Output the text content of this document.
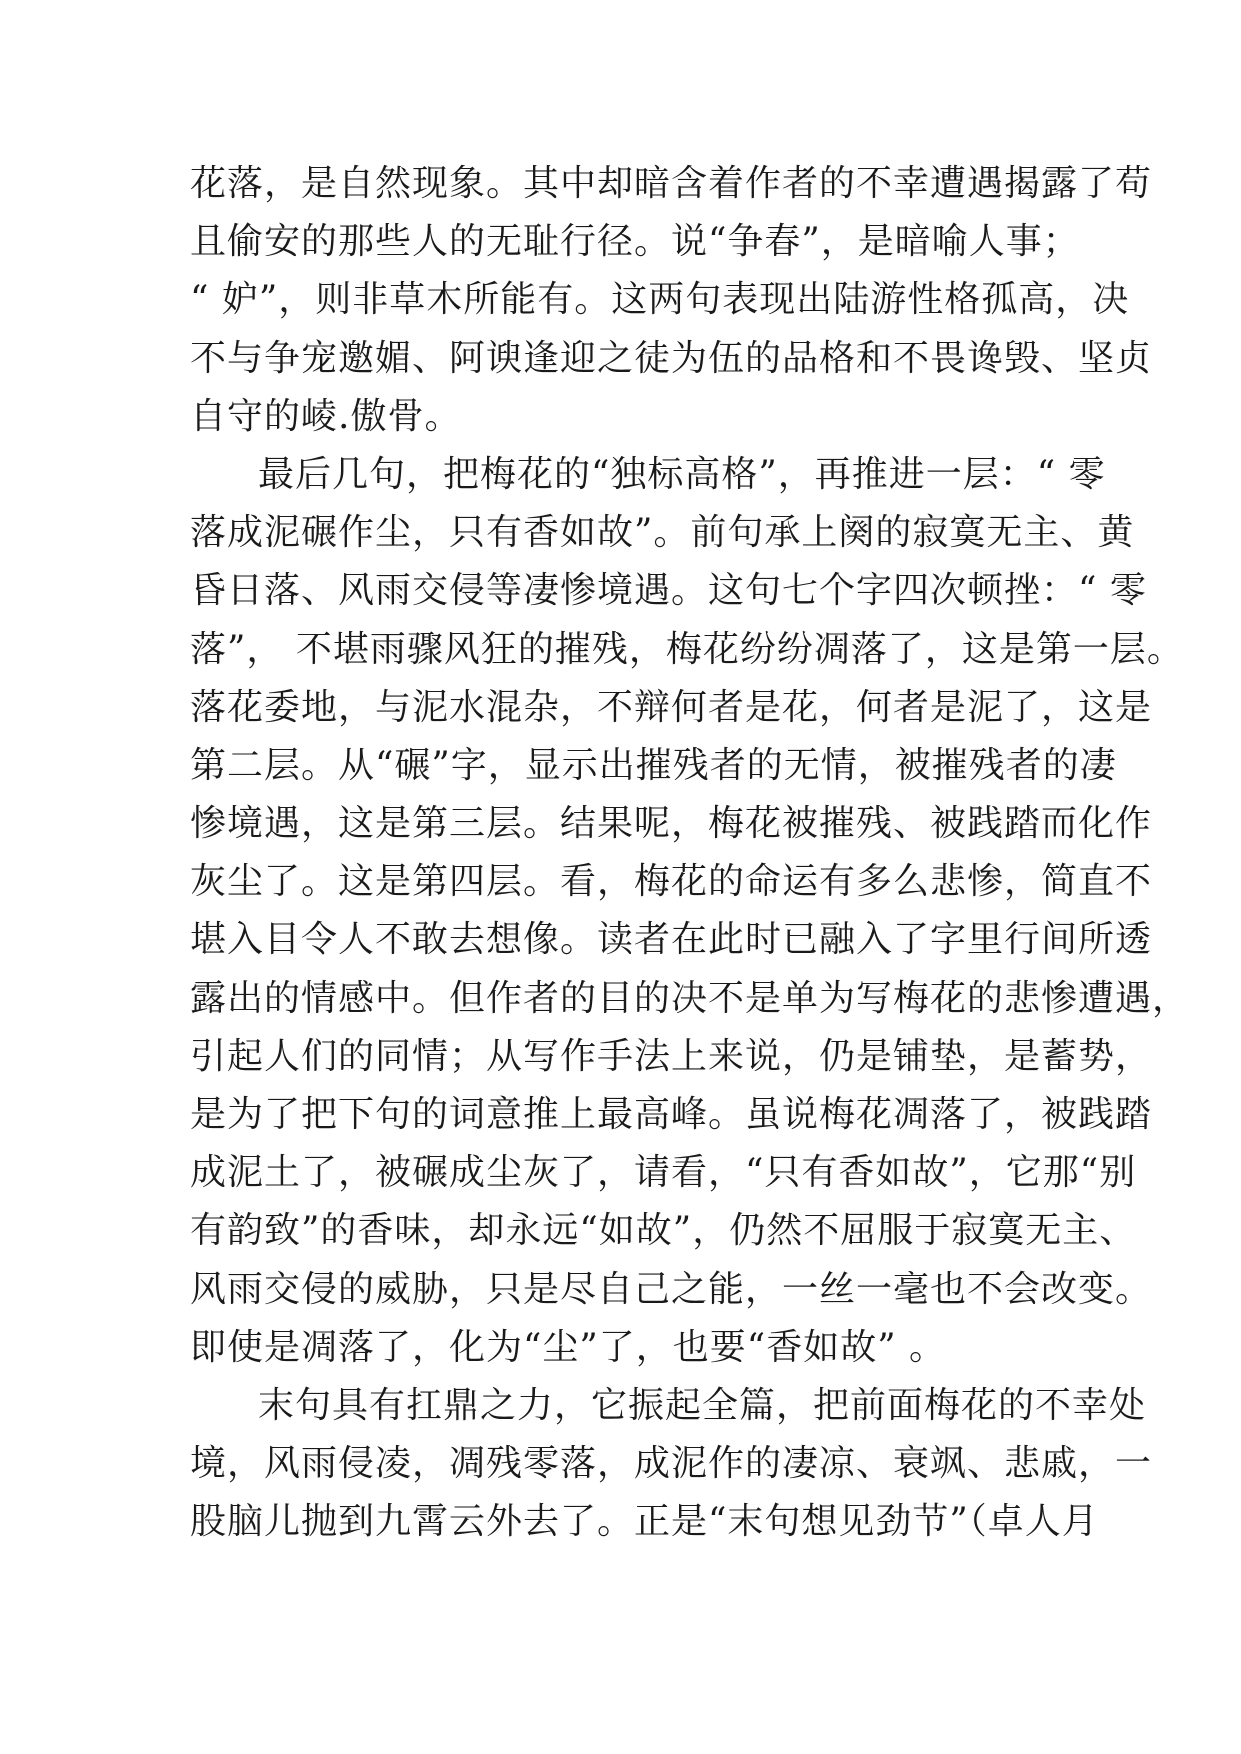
花落，是自然现象。其中却暗含着作者的不幸遭遇揭露了苟
且偷安的那些人的无耻行径。说“争春”，是暗喻人事；
“ 妒”，则非草木所能有。这两句表现出陆游性格孤高，决
不与争宠邀媚、阿谀逢迎之徒为伍的品格和不畏谗毁、坚贞
自守的崚.傲骨。
最后几句，把梅花的“独标高格”，再推进一层：“ 零
落成泥碾作尘，只有香如故”。前句承上阕的寂寞无主、黄
昏日落、风雨交侵等凄惨境遇。这句七个字四次顿挫：“ 零
落”， 不堪雨骤风狂的摧残，梅花纷纷凋落了，这是第一层。
落花委地，与泥水混杂，不辩何者是花，何者是泥了，这是
第二层。从“碾”字，显示出摧残者的无情，被摧残者的凄
惨境遇，这是第三层。结果呢，梅花被摧残、被践踏而化作
灰尘了。这是第四层。看，梅花的命运有多么悲惨，简直不
堪入目令人不敢去想像。读者在此时已融入了字里行间所透
露出的情感中。但作者的目的决不是单为写梅花的悲惨遭遇，
引起人们的同情；从写作手法上来说，仍是铺垫，是蓄势，
是为了把下句的词意推上最高峰。虽说梅花凋落了，被践踏
成泥土了，被碾成尘灰了，请看，“只有香如故”，它那“别
有韵致”的香味，却永远“如故”，仍然不屈服于寂寞无主、
风雨交侵的威胁，只是尽自己之能，一丝一毫也不会改变。
即使是凋落了，化为“尘”了，也要“香如故” 。
末句具有扛鼎之力，它振起全篇，把前面梅花的不幸处
境，风雨侵凌，凋残零落，成泥作的凄凉、衰飒、悲戚，一
股脑儿抛到九霄云外去了。正是“末句想见劲节”（卓人月
